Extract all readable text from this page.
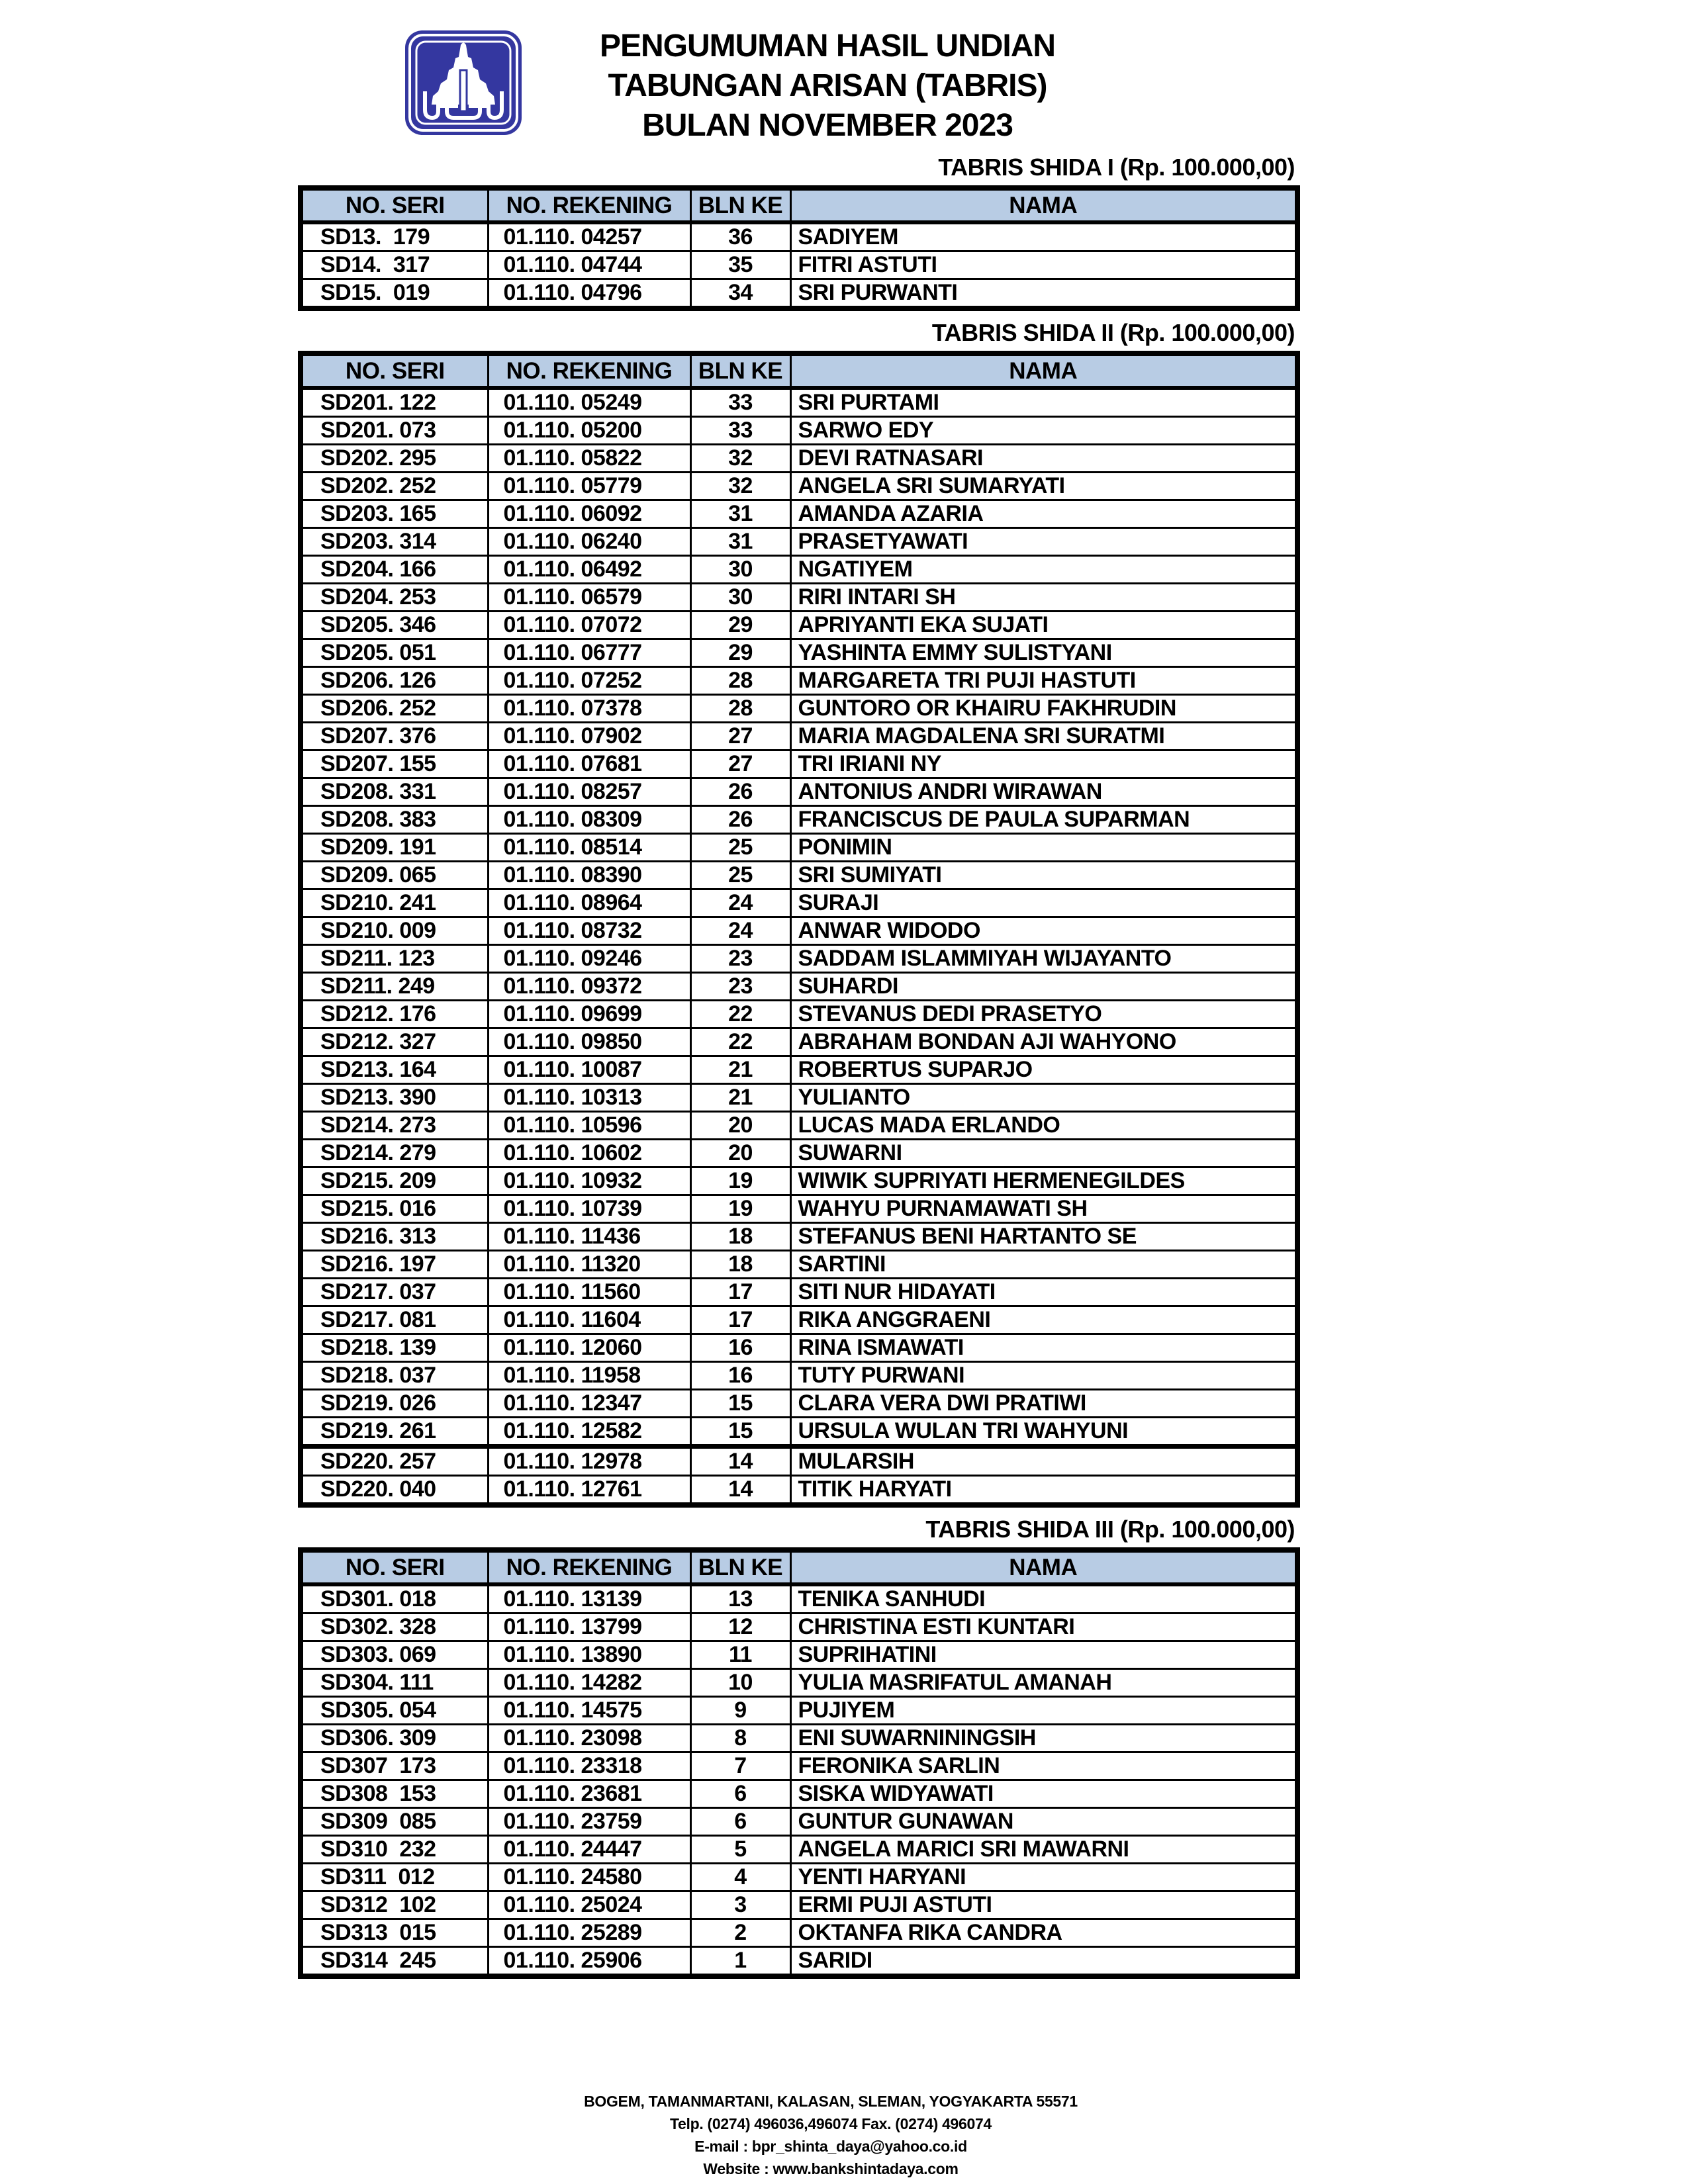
PENGUMUMAN HASIL UNDIAN
TABUNGAN ARISAN (TABRIS)
BULAN NOVEMBER 2023
TABRIS SHIDA I (Rp. 100.000,00)
NO. SERI	NO. REKENING	BLN KE	NAMA
SD13.  179	01.110. 04257	36	SADIYEM
SD14.  317	01.110. 04744	35	FITRI ASTUTI
SD15.  019	01.110. 04796	34	SRI PURWANTI
TABRIS SHIDA II (Rp. 100.000,00)
NO. SERI	NO. REKENING	BLN KE	NAMA
SD201. 122	01.110. 05249	33	SRI PURTAMI
SD201. 073	01.110. 05200	33	SARWO EDY
SD202. 295	01.110. 05822	32	DEVI RATNASARI
SD202. 252	01.110. 05779	32	ANGELA SRI SUMARYATI
SD203. 165	01.110. 06092	31	AMANDA AZARIA
SD203. 314	01.110. 06240	31	PRASETYAWATI
SD204. 166	01.110. 06492	30	NGATIYEM
SD204. 253	01.110. 06579	30	RIRI INTARI SH
SD205. 346	01.110. 07072	29	APRIYANTI EKA SUJATI
SD205. 051	01.110. 06777	29	YASHINTA EMMY SULISTYANI
SD206. 126	01.110. 07252	28	MARGARETA TRI PUJI HASTUTI
SD206. 252	01.110. 07378	28	GUNTORO OR KHAIRU FAKHRUDIN
SD207. 376	01.110. 07902	27	MARIA MAGDALENA SRI SURATMI
SD207. 155	01.110. 07681	27	TRI IRIANI NY
SD208. 331	01.110. 08257	26	ANTONIUS ANDRI WIRAWAN
SD208. 383	01.110. 08309	26	FRANCISCUS DE PAULA SUPARMAN
SD209. 191	01.110. 08514	25	PONIMIN
SD209. 065	01.110. 08390	25	SRI SUMIYATI
SD210. 241	01.110. 08964	24	SURAJI
SD210. 009	01.110. 08732	24	ANWAR WIDODO
SD211. 123	01.110. 09246	23	SADDAM ISLAMMIYAH WIJAYANTO
SD211. 249	01.110. 09372	23	SUHARDI
SD212. 176	01.110. 09699	22	STEVANUS DEDI PRASETYO
SD212. 327	01.110. 09850	22	ABRAHAM BONDAN AJI WAHYONO
SD213. 164	01.110. 10087	21	ROBERTUS SUPARJO
SD213. 390	01.110. 10313	21	YULIANTO
SD214. 273	01.110. 10596	20	LUCAS MADA ERLANDO
SD214. 279	01.110. 10602	20	SUWARNI
SD215. 209	01.110. 10932	19	WIWIK SUPRIYATI HERMENEGILDES
SD215. 016	01.110. 10739	19	WAHYU PURNAMAWATI SH
SD216. 313	01.110. 11436	18	STEFANUS BENI HARTANTO SE
SD216. 197	01.110. 11320	18	SARTINI
SD217. 037	01.110. 11560	17	SITI NUR HIDAYATI
SD217. 081	01.110. 11604	17	RIKA ANGGRAENI
SD218. 139	01.110. 12060	16	RINA ISMAWATI
SD218. 037	01.110. 11958	16	TUTY PURWANI
SD219. 026	01.110. 12347	15	CLARA VERA DWI PRATIWI
SD219. 261	01.110. 12582	15	URSULA WULAN TRI WAHYUNI
SD220. 257	01.110. 12978	14	MULARSIH
SD220. 040	01.110. 12761	14	TITIK HARYATI
TABRIS SHIDA III (Rp. 100.000,00)
NO. SERI	NO. REKENING	BLN KE	NAMA
SD301. 018	01.110. 13139	13	TENIKA SANHUDI
SD302. 328	01.110. 13799	12	CHRISTINA ESTI KUNTARI
SD303. 069	01.110. 13890	11	SUPRIHATINI
SD304. 111	01.110. 14282	10	YULIA MASRIFATUL AMANAH
SD305. 054	01.110. 14575	9	PUJIYEM
SD306. 309	01.110. 23098	8	ENI SUWARNININGSIH
SD307  173	01.110. 23318	7	FERONIKA SARLIN
SD308  153	01.110. 23681	6	SISKA WIDYAWATI
SD309  085	01.110. 23759	6	GUNTUR GUNAWAN
SD310  232	01.110. 24447	5	ANGELA MARICI SRI MAWARNI
SD311  012	01.110. 24580	4	YENTI HARYANI
SD312  102	01.110. 25024	3	ERMI PUJI ASTUTI
SD313  015	01.110. 25289	2	OKTANFA RIKA CANDRA
SD314  245	01.110. 25906	1	SARIDI
BOGEM, TAMANMARTANI, KALASAN, SLEMAN, YOGYAKARTA 55571
Telp. (0274) 496036,496074 Fax. (0274) 496074
E-mail : bpr_shinta_daya@yahoo.co.id
Website : www.bankshintadaya.com
